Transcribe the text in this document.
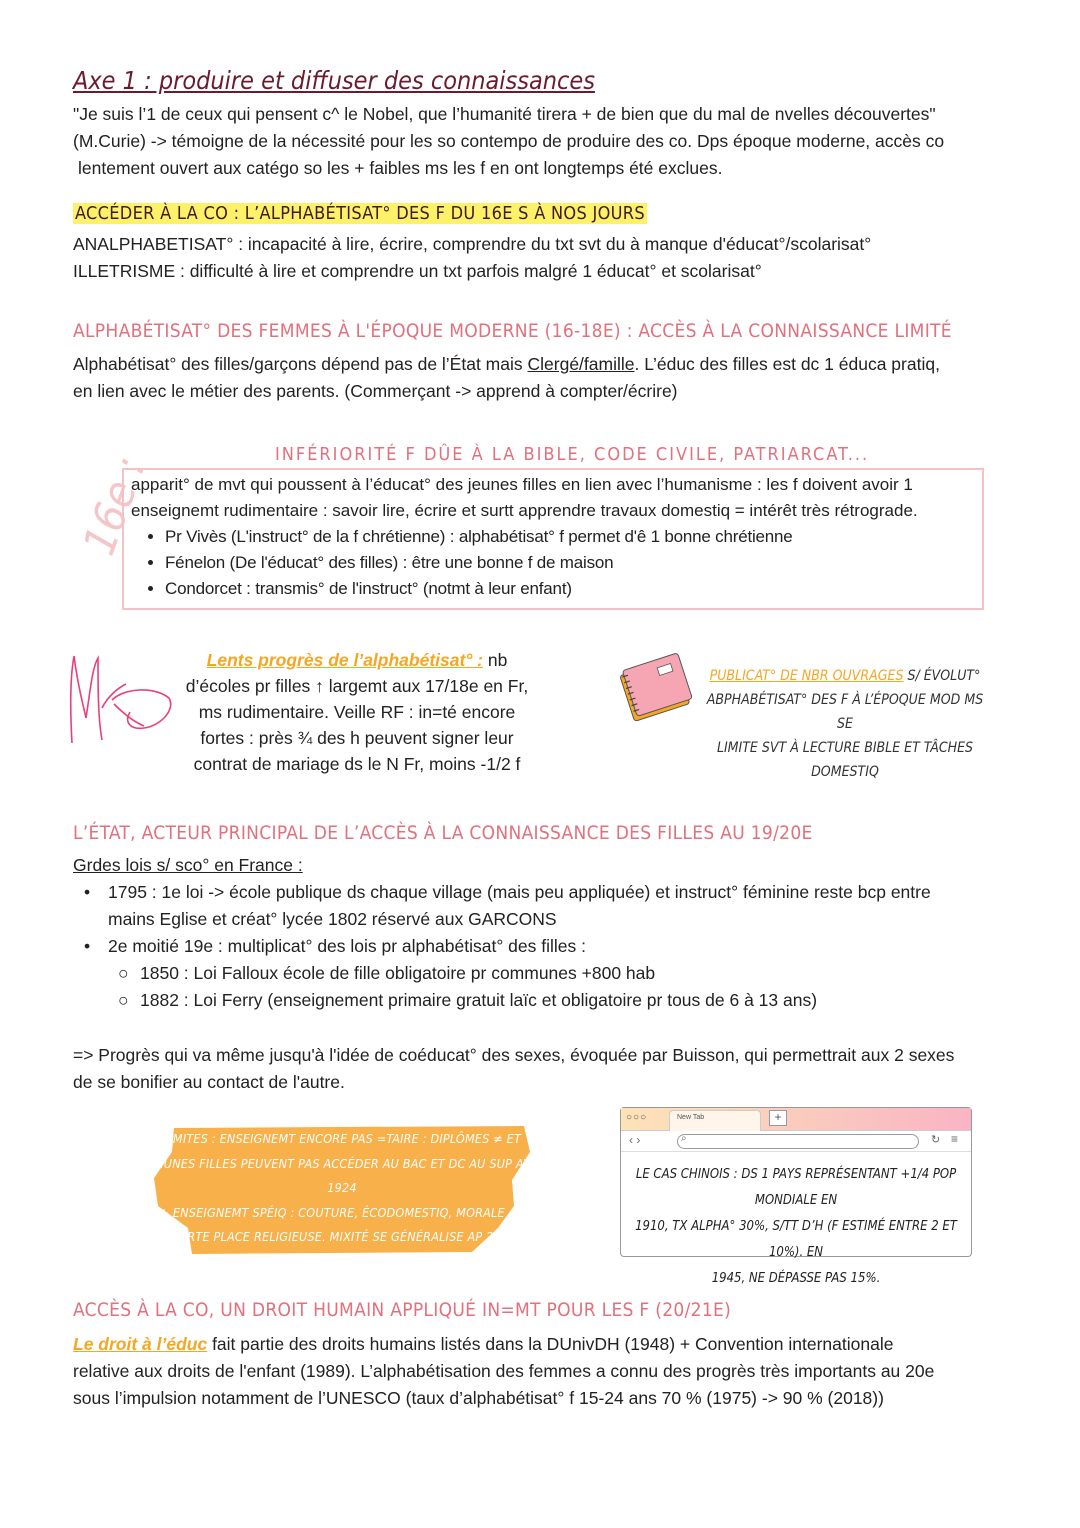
Axe 1 : produire et diffuser des connaissances
"Je suis l’1 de ceux qui pensent c^ le Nobel, que l’humanité tirera + de bien que du mal de nvelles découvertes"
(M.Curie) -> témoigne de la nécessité pour les so contempo de produire des co. Dps époque moderne, accès co
lentement ouvert aux catégo so les + faibles ms les f en ont longtemps été exclues.
ACCÉDER À LA CO : L’ALPHABÉTISAT° DES F DU 16E S À NOS JOURS
ANALPHABETISAT° : incapacité à lire, écrire, comprendre du txt svt du à manque d'éducat°/scolarisat°
ILLETRISME : difficulté à lire et comprendre un txt parfois malgré 1 éducat° et scolarisat°
ALPHABÉTISAT° DES FEMMES À L'ÉPOQUE MODERNE (16-18E) : ACCÈS À LA CONNAISSANCE LIMITÉ
Alphabétisat° des filles/garçons dépend pas de l’État mais Clergé/famille. L’éduc des filles est dc 1 éduca pratiq,
en lien avec le métier des parents. (Commerçant -> apprend à compter/écrire)
INFÉRIORITÉ F DÛE À LA BIBLE, CODE CIVILE, PATRIARCAT...
16e :
apparit° de mvt qui poussent à l’éducat° des jeunes filles en lien avec l’humanisme : les f doivent avoir 1
enseignemt rudimentaire : savoir lire, écrire et surtt apprendre travaux domestiq = intérêt très rétrograde.
• Pr Vivès (L'instruct° de la f chrétienne) : alphabétisat° f permet d'ê 1 bonne chrétienne
• Fénelon (De l'éducat° des filles) : être une bonne f de maison
• Condorcet : transmis° de l'instruct° (notmt à leur enfant)
Lents progrès de l’alphabétisat° : nb
d’écoles pr filles ↑ largemt aux 17/18e en Fr,
ms rudimentaire. Veille RF : in=té encore
fortes : près ¾ des h peuvent signer leur
contrat de mariage ds le N Fr, moins -1/2 f
PUBLICAT° DE NBR OUVRAGES S/ ÉVOLUT°
ABPHABÉTISAT° DES F À L’ÉPOQUE MOD MS SE
LIMITE SVT À LECTURE BIBLE ET TÂCHES DOMESTIQ
L’ÉTAT, ACTEUR PRINCIPAL DE L’ACCÈS À LA CONNAISSANCE DES FILLES AU 19/20E
Grdes lois s/ sco° en France :
•	1795 : 1e loi -> école publique ds chaque village (mais peu appliquée) et instruct° féminine reste bcp entre
mains Eglise et créat° lycée 1802 réservé aux GARCONS
•	2e moitié 19e : multiplicat° des lois pr alphabétisat° des filles :
○ 1850 : Loi Falloux école de fille obligatoire pr communes +800 hab
○ 1882 : Loi Ferry (enseignement primaire gratuit laïc et obligatoire pr tous de 6 à 13 ans)
=> Progrès qui va même jusqu'à l'idée de coéducat° des sexes, évoquée par Buisson, qui permettrait aux 2 sexes
de se bonifier au contact de l'autre.
LIMITES : ENSEIGNEMT ENCORE PAS =TAIRE : DIPLÔMES ≠ ET
JEUNES FILLES PEUVENT PAS ACCÉDER AU BAC ET DC AU SUP AV 1924
+ ENSEIGNEMT SPÉIQ : COUTURE, ÉCODOMESTIQ, MORALE AC
FORTE PLACE RELIGIEUSE. MIXITÉ SE GÉNÉRALISE AP 2GM
+ IN=TÉ COLONIALE (-10% POP LOCALES SCOLARISÉES
○○○	New Tab	+
‹ ›	⌕	↻ ≡
LE CAS CHINOIS : DS 1 PAYS REPRÉSENTANT +1/4 POP MONDIALE EN
1910, TX ALPHA° 30%, S/TT D’H (F ESTIMÉ ENTRE 2 ET 10%). EN
1945, NE DÉPASSE PAS 15%.
ACCÈS À LA CO, UN DROIT HUMAIN APPLIQUÉ IN=MT POUR LES F (20/21E)
Le droit à l’éduc fait partie des droits humains listés dans la DUnivDH (1948) + Convention internationale
relative aux droits de l'enfant (1989). L’alphabétisation des femmes a connu des progrès très importants au 20e
sous l’impulsion notamment de l’UNESCO (taux d’alphabétisat° f 15-24 ans 70 % (1975) -> 90 % (2018))
